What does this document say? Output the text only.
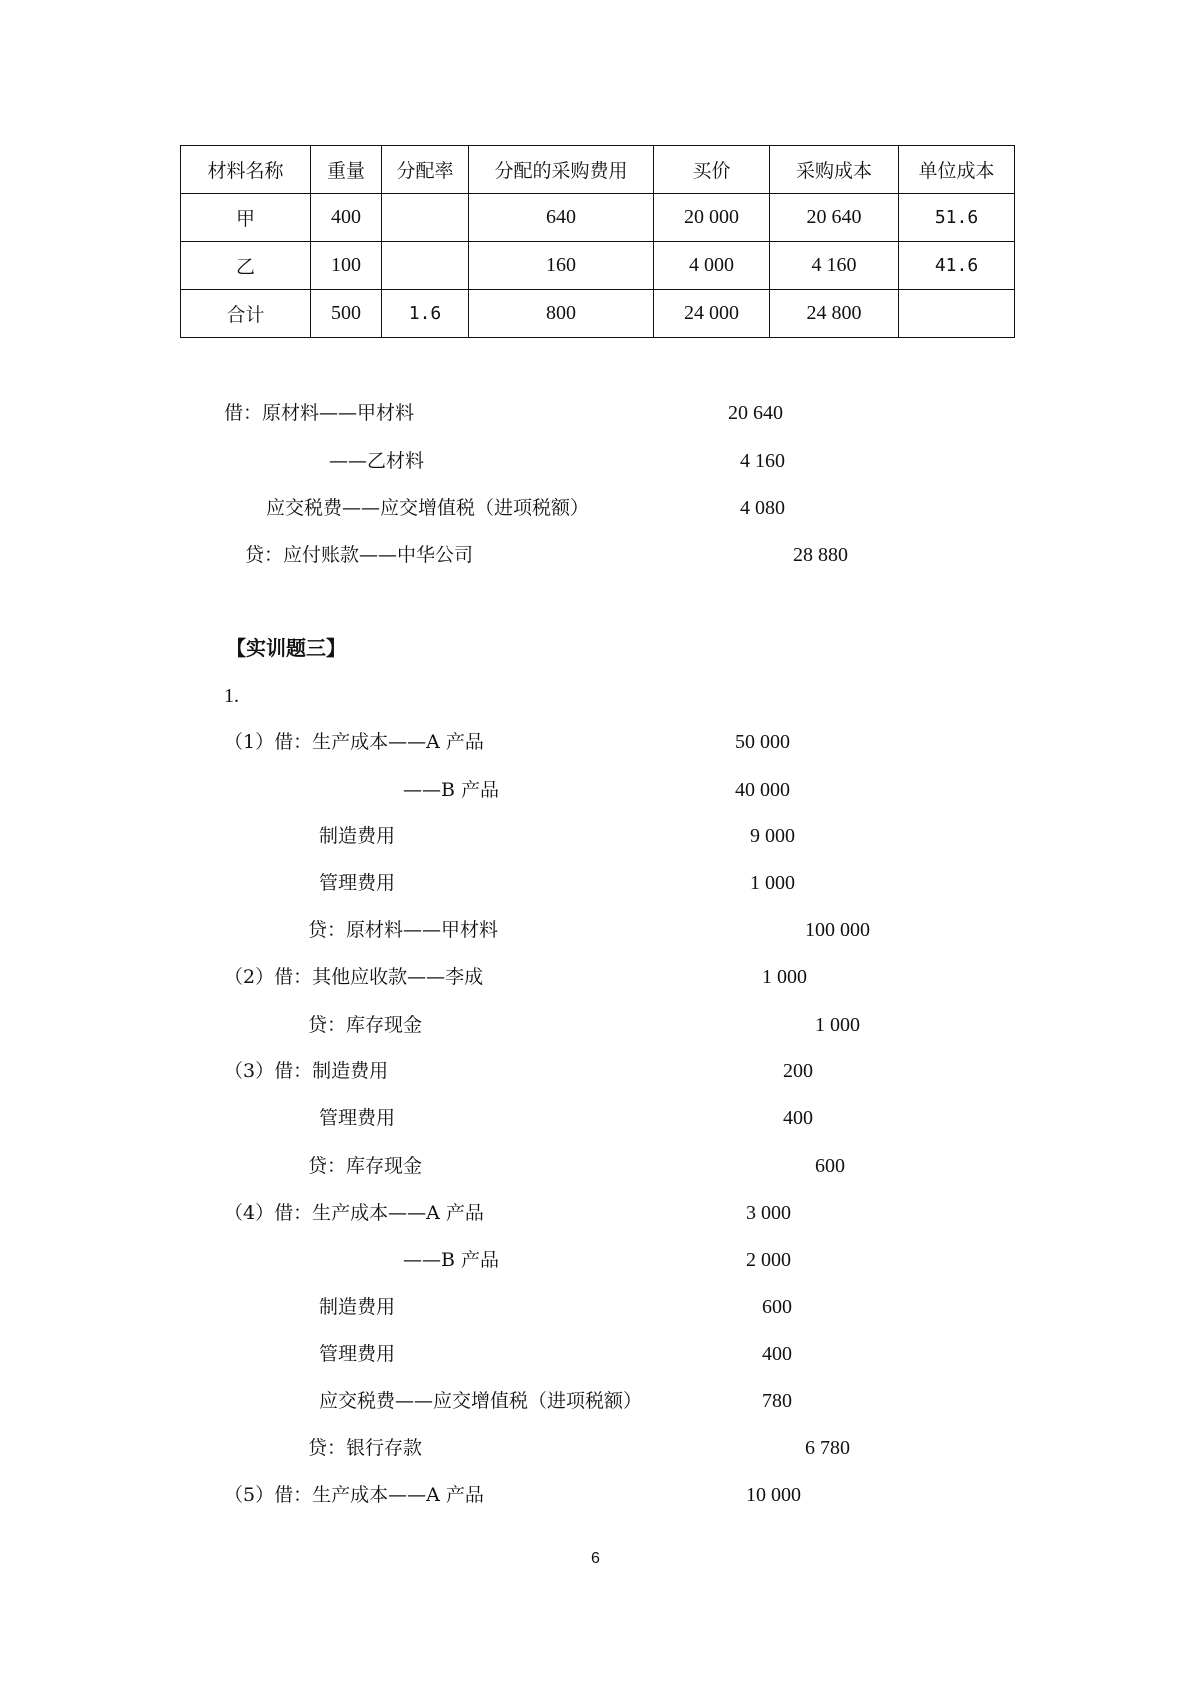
材料名称	重量	分配率	分配的采购费用	买价	采购成本	单位成本
甲	400		640	20 000	20 640	51.6
乙	100		160	4 000	4 160	41.6
合计	500	1.6	800	24 000	24 800	
借：原材料——甲材料	20 640
——乙材料	4 160
应交税费——应交增值税（进项税额）	4 080
贷：应付账款——中华公司	28 880
【实训题三】
1.
（1）借：生产成本——A 产品	50 000
——B 产品	40 000
制造费用	9 000
管理费用	1 000
贷：原材料——甲材料	100 000
（2）借：其他应收款——李成	1 000
贷：库存现金	1 000
（3）借：制造费用	200
管理费用	400
贷：库存现金	600
（4）借：生产成本——A 产品	3 000
——B 产品	2 000
制造费用	600
管理费用	400
应交税费——应交增值税（进项税额）	780
贷：银行存款	6 780
（5）借：生产成本——A 产品	10 000
6
